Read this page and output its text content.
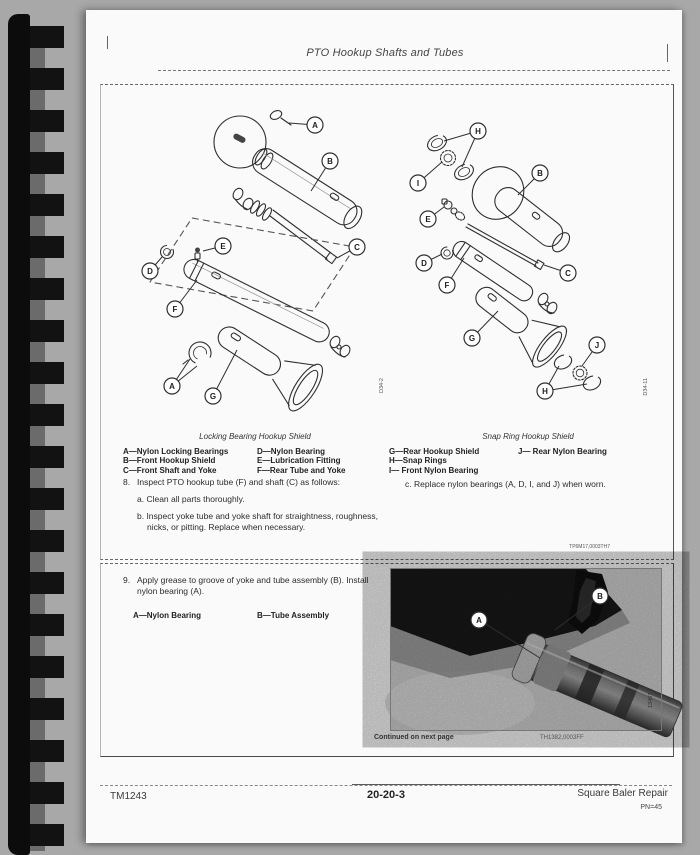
PTO Hookup Shafts and Tubes
A
B
C
D
E
F
A
G
H
I
B
E
D
F
C
G
J
H
Locking Bearing Hookup Shield	Snap Ring Hookup Shield
D34-2	D34-11
A—Nylon Locking Bearings
B—Front Hookup Shield
C—Front Shaft and Yoke
D—Nylon Bearing
E—Lubrication Fitting
F—Rear Tube and Yoke
G—Rear Hookup Shield
H—Snap Rings
I— Front Nylon Bearing
J— Rear Nylon Bearing
8. Inspect PTO hookup tube (F) and shaft (C) as follows:
a. Clean all parts thoroughly.
b. Inspect yoke tube and yoke shaft for straightness, roughness, nicks, or pitting. Replace when necessary.
c. Replace nylon bearings (A, D, I, and J) when worn.
TP6M17,0003TH7
9. Apply grease to groove of yoke and tube assembly (B). Install nylon bearing (A).
A—Nylon Bearing	B—Tube Assembly
13467
A
B
Continued on next page	TH1382,0003FF
TM1243	20-20-3	Square Baler Repair
PN=45
